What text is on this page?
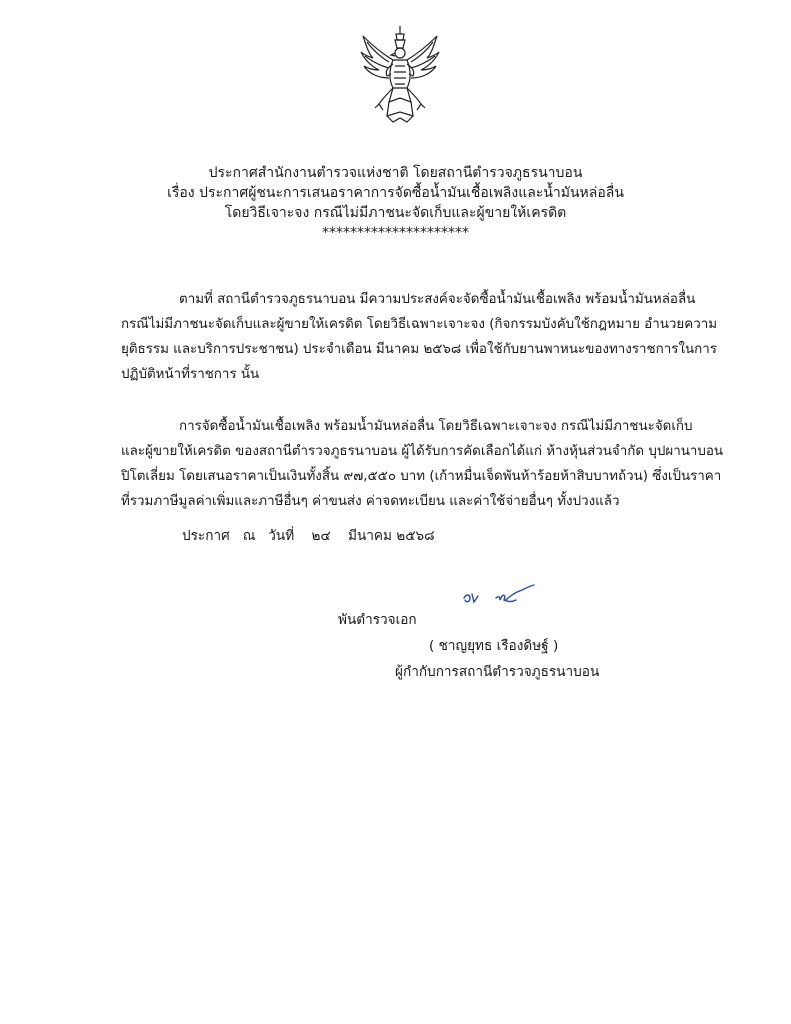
ประกาศสำนักงานตำรวจแห่งชาติ โดยสถานีตำรวจภูธรนาบอน
เรื่อง ประกาศผู้ชนะการเสนอราคาการจัดซื้อน้ำมันเชื้อเพลิงและน้ำมันหล่อลื่น
โดยวิธีเจาะจง กรณีไม่มีภาชนะจัดเก็บและผู้ขายให้เครดิต
*********************
ตามที่ สถานีตำรวจภูธรนาบอน มีความประสงค์จะจัดซื้อน้ำมันเชื้อเพลิง พร้อมน้ำมันหล่อลื่น
กรณีไม่มีภาชนะจัดเก็บและผู้ขายให้เครดิต โดยวิธีเฉพาะเจาะจง (กิจกรรมบังคับใช้กฎหมาย อำนวยความ
ยุติธรรม และบริการประชาชน) ประจำเดือน มีนาคม ๒๕๖๘ เพื่อใช้กับยานพาหนะของทางราชการในการ
ปฏิบัติหน้าที่ราชการ นั้น
การจัดซื้อน้ำมันเชื้อเพลิง พร้อมน้ำมันหล่อลื่น โดยวิธีเฉพาะเจาะจง กรณีไม่มีภาชนะจัดเก็บ
และผู้ขายให้เครดิต ของสถานีตำรวจภูธรนาบอน ผู้ได้รับการคัดเลือกได้แก่ ห้างหุ้นส่วนจำกัด บุปผานาบอน
ปิโตเลี่ยม โดยเสนอราคาเป็นเงินทั้งสิ้น ๙๗,๕๕๐ บาท (เก้าหมื่นเจ็ดพันห้าร้อยห้าสิบบาทถ้วน) ซึ่งเป็นราคา
ที่รวมภาษีมูลค่าเพิ่มและภาษีอื่นๆ ค่าขนส่ง ค่าจดทะเบียน และค่าใช้จ่ายอื่นๆ ทั้งปวงแล้ว
ประกาศ ณ วันที่ ๒๔ มีนาคม ๒๕๖๘
พันตำรวจเอก
( ชาญยุทธ เรืองดิษฐ์ )
ผู้กำกับการสถานีตำรวจภูธรนาบอน
